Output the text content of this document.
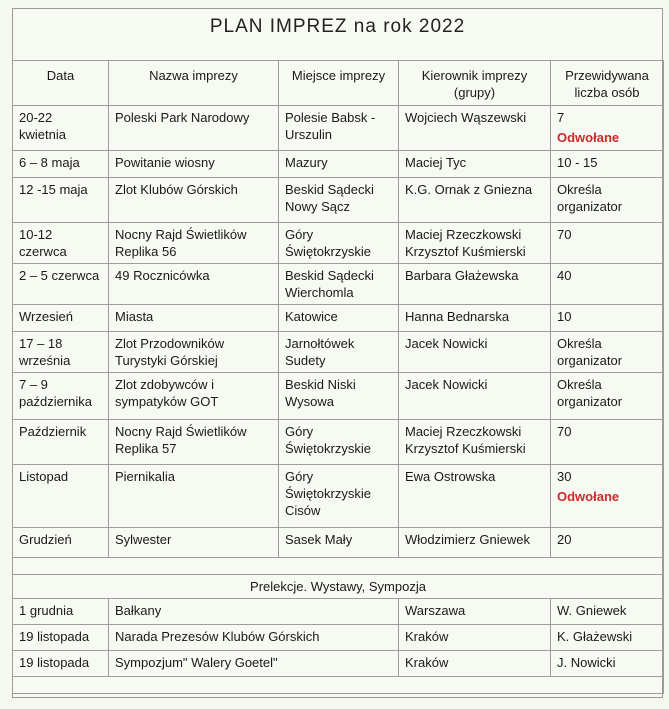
PLAN IMPREZ na rok 2022
Data	Nazwa imprezy	Miejsce imprezy	Kierownik imprezy (grupy)	Przewidywana liczba osób
20-22 kwietnia	Poleski Park Narodowy	Polesie Babsk - Urszulin	Wojciech Wąszewski	7
Odwołane

6 – 8 maja	Powitanie wiosny	Mazury	Maciej Tyc	10 - 15
12 -15 maja	Zlot Klubów Górskich	Beskid Sądecki Nowy Sącz	K.G. Ornak z Gniezna	Określa organizator
10-12 czerwca	Nocny Rajd Świetlików Replika 56	Góry Świętokrzyskie	Maciej Rzeczkowski Krzysztof Kuśmierski	70
2 – 5 czerwca	49 Rocznicówka	Beskid Sądecki Wierchomla	Barbara Głażewska	40
Wrzesień	Miasta	Katowice	Hanna Bednarska	10
17 – 18 września	Zlot Przodowników Turystyki Górskiej	Jarnołtówek Sudety	Jacek Nowicki	Określa organizator
7 – 9 października	Zlot zdobywców i sympatyków GOT	Beskid Niski Wysowa	Jacek Nowicki	Określa organizator
Październik	Nocny Rajd Świetlików Replika 57	Góry Świętokrzyskie	Maciej Rzeczkowski Krzysztof Kuśmierski	70
Listopad	Piernikalia	Góry Świętokrzyskie Cisów	Ewa Ostrowska	30
Odwołane

Grudzień	Sylwester	Sasek Mały	Włodzimierz Gniewek	20

Prelekcje. Wystawy, Sympozja				
1 grudnia	Bałkany		Warszawa	W. Gniewek
19 listopada	Narada Prezesów Klubów Górskich		Kraków	K. Głażewski
19 listopada	Sympozjum" Walery Goetel"		Kraków	J. Nowicki
